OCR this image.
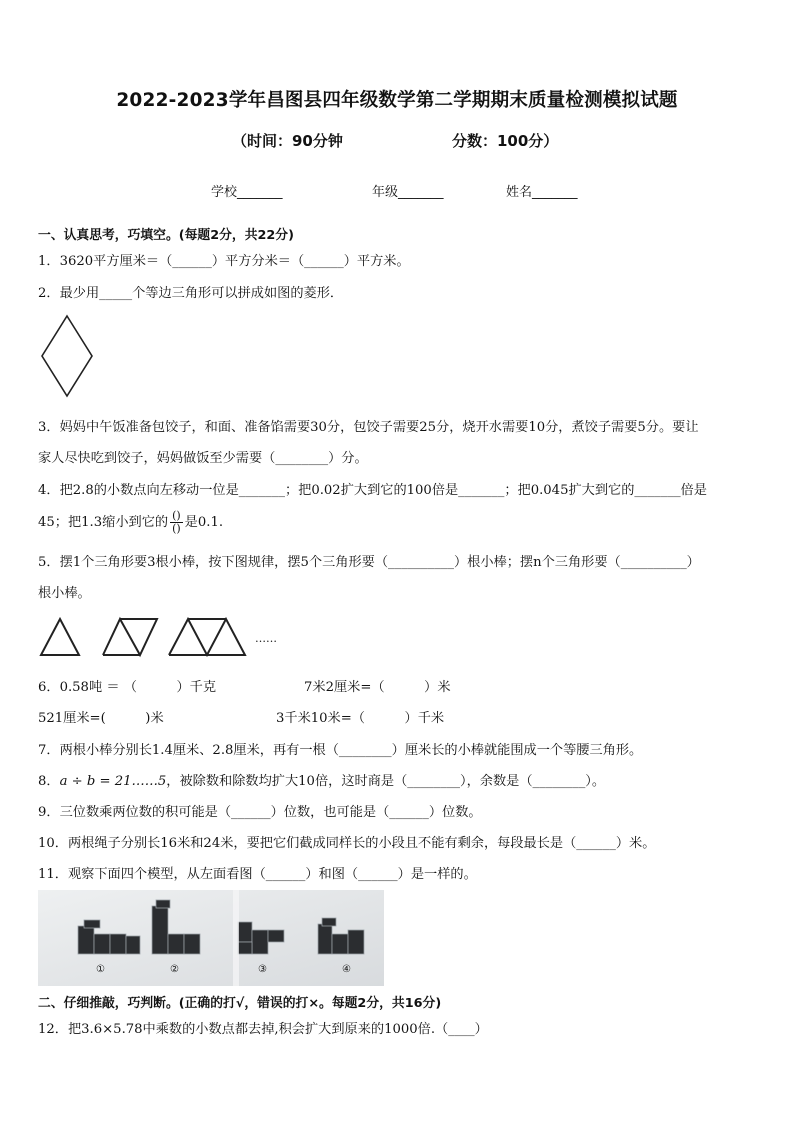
2022-2023学年昌图县四年级数学第二学期期末质量检测模拟试题
（时间：90分钟	分数：100分）
学校_______	年级_______	姓名_______
一、认真思考，巧填空。(每题2分，共22分)
1．3620平方厘米＝（______）平方分米＝（______）平方米。
2．最少用_____个等边三角形可以拼成如图的菱形．
3．妈妈中午饭准备包饺子，和面、准备馅需要30分，包饺子需要25分，烧开水需要10分，煮饺子需要5分。要让
家人尽快吃到饺子，妈妈做饭至少需要（________）分。
4．把2.8的小数点向左移动一位是_______；把0.02扩大到它的100倍是_______；把0.045扩大到它的_______倍是
45；把1.3缩小到它的 $\frac{()}{()}$ 是0.1.
5．摆1个三角形要3根小棒，按下图规律，摆5个三角形要（__________）根小棒；摆n个三角形要（__________）
根小棒。
……
6．0.58吨 ＝ （　　　）千克	7米2厘米=（　　　）米
521厘米=(　　　)米	3千米10米=（　　　）千米
7．两根小棒分别长1.4厘米、2.8厘米，再有一根（________）厘米长的小棒就能围成一个等腰三角形。
8．a ÷ b = 21……5，被除数和除数均扩大10倍，这时商是（________），余数是（________）。
9．三位数乘两位数的积可能是（______）位数，也可能是（______）位数。
10．两根绳子分别长16米和24米，要把它们截成同样长的小段且不能有剩余，每段最长是（______）米。
11．观察下面四个模型，从左面看图（______）和图（______）是一样的。
①	②	③	④
二、仔细推敲，巧判断。(正确的打√，错误的打×。每题2分，共16分)
12．把3.6×5.78中乘数的小数点都去掉,积会扩大到原来的1000倍.（____）
